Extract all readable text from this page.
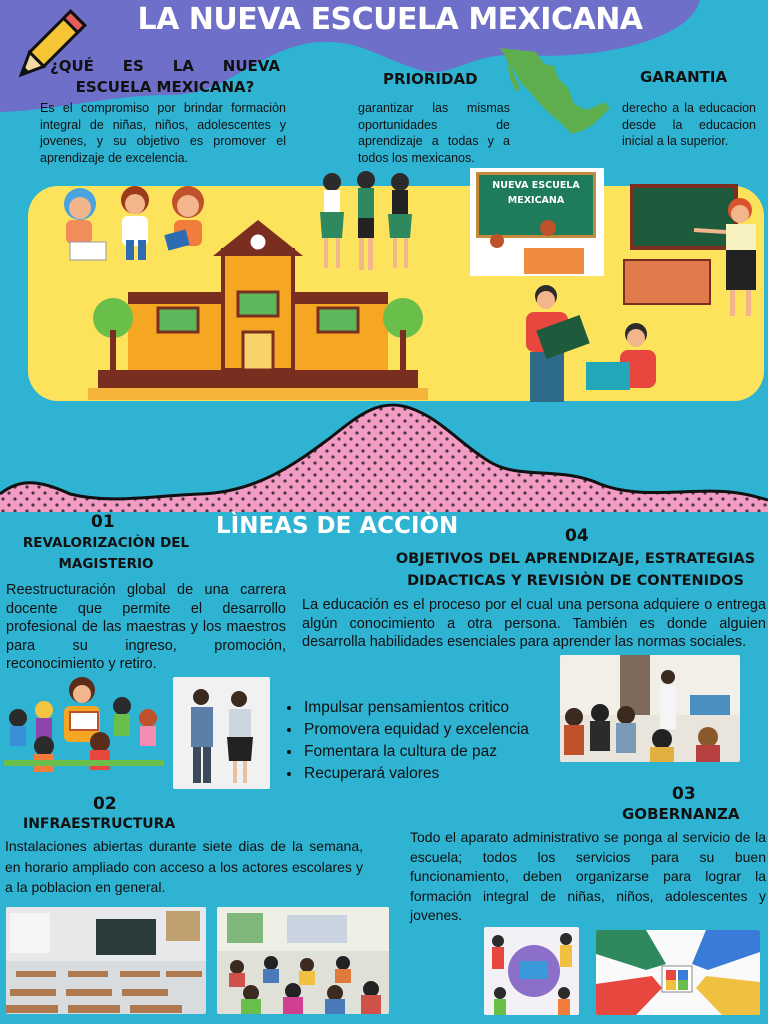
LA NUEVA ESCUELA MEXICANA
¿QUÉ ES LA NUEVA ESCUELA MEXICANA?
Es el compromiso por brindar formaciòn integral de niñas, niños, adolescentes y jovenes, y su objetivo es promover el aprendizaje de excelencia.
PRIORIDAD
garantizar las mismas oportunidades de aprendizaje a todas y a todos los mexicanos.
GARANTIA
derecho a la educacion desde la educacion inicial a la superior.
NUEVA ESCUELA MEXICANA
LÌNEAS DE ACCIÒN
01
REVALORIZACIÒN DEL MAGISTERIO
Reestructuración global de una carrera docente que permite el desarrollo profesional de las maestras y los maestros para su ingreso, promoción, reconocimiento y retiro.
04
OBJETIVOS DEL APRENDIZAJE, ESTRATEGIAS DIDACTICAS Y REVISIÒN DE CONTENIDOS
La educación es el proceso por el cual una persona adquiere o entrega algún conocimiento a otra persona. También es donde alguien desarrolla habilidades esenciales para aprender las normas sociales.
• Impulsar pensamientos critico
• Promovera equidad y excelencia
• Fomentara la cultura de paz
• Recuperará valores
02
INFRAESTRUCTURA
Instalaciones abiertas durante siete dias de la semana, en horario ampliado con acceso a los actores escolares y a la poblacion en general.
03
GOBERNANZA
Todo el aparato administrativo se ponga al servicio de la escuela; todos los servicios para su buen funcionamiento, deben organizarse para lograr la formación integral de niñas, niños, adolescentes y jovenes.
